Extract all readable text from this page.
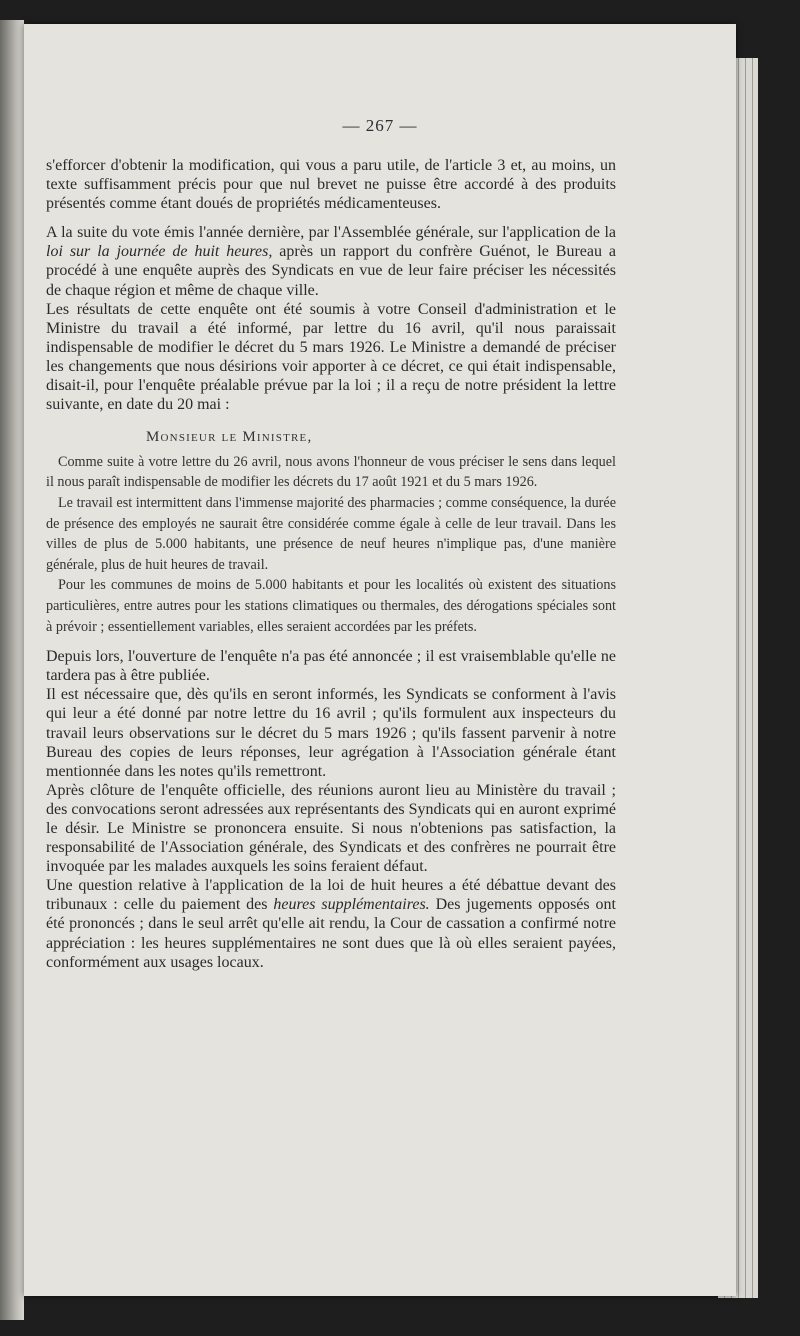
— 267 —

s'efforcer d'obtenir la modification, qui vous a paru utile, de l'article 3 et, au moins, un texte suffisamment précis pour que nul brevet ne puisse être accordé à des produits présentés comme étant doués de propriétés médicamenteuses.

A la suite du vote émis l'année dernière, par l'Assemblée générale, sur l'application de la loi sur la journée de huit heures, après un rapport du confrère Guénot, le Bureau a procédé à une enquête auprès des Syndicats en vue de leur faire préciser les nécessités de chaque région et même de chaque ville.

Les résultats de cette enquête ont été soumis à votre Conseil d'administration et le Ministre du travail a été informé, par lettre du 16 avril, qu'il nous paraissait indispensable de modifier le décret du 5 mars 1926. Le Ministre a demandé de préciser les changements que nous désirions voir apporter à ce décret, ce qui était indispensable, disait-il, pour l'enquête préalable prévue par la loi ; il a reçu de notre président la lettre suivante, en date du 20 mai :

Monsieur le Ministre,

Comme suite à votre lettre du 26 avril, nous avons l'honneur de vous préciser le sens dans lequel il nous paraît indispensable de modifier les décrets du 17 août 1921 et du 5 mars 1926.

Le travail est intermittent dans l'immense majorité des pharmacies ; comme conséquence, la durée de présence des employés ne saurait être considérée comme égale à celle de leur travail. Dans les villes de plus de 5.000 habitants, une présence de neuf heures n'implique pas, d'une manière générale, plus de huit heures de travail.

Pour les communes de moins de 5.000 habitants et pour les localités où existent des situations particulières, entre autres pour les stations climatiques ou thermales, des dérogations spéciales sont à prévoir ; essentiellement variables, elles seraient accordées par les préfets.

Depuis lors, l'ouverture de l'enquête n'a pas été annoncée ; il est vraisemblable qu'elle ne tardera pas à être publiée.

Il est nécessaire que, dès qu'ils en seront informés, les Syndicats se conforment à l'avis qui leur a été donné par notre lettre du 16 avril ; qu'ils formulent aux inspecteurs du travail leurs observations sur le décret du 5 mars 1926 ; qu'ils fassent parvenir à notre Bureau des copies de leurs réponses, leur agrégation à l'Association générale étant mentionnée dans les notes qu'ils remettront.

Après clôture de l'enquête officielle, des réunions auront lieu au Ministère du travail ; des convocations seront adressées aux représentants des Syndicats qui en auront exprimé le désir. Le Ministre se prononcera ensuite. Si nous n'obtenions pas satisfaction, la responsabilité de l'Association générale, des Syndicats et des confrères ne pourrait être invoquée par les malades auxquels les soins feraient défaut.

Une question relative à l'application de la loi de huit heures a été débattue devant des tribunaux : celle du paiement des heures supplémentaires. Des jugements opposés ont été prononcés ; dans le seul arrêt qu'elle ait rendu, la Cour de cassation a confirmé notre appréciation : les heures supplémentaires ne sont dues que là où elles seraient payées, conformément aux usages locaux.
